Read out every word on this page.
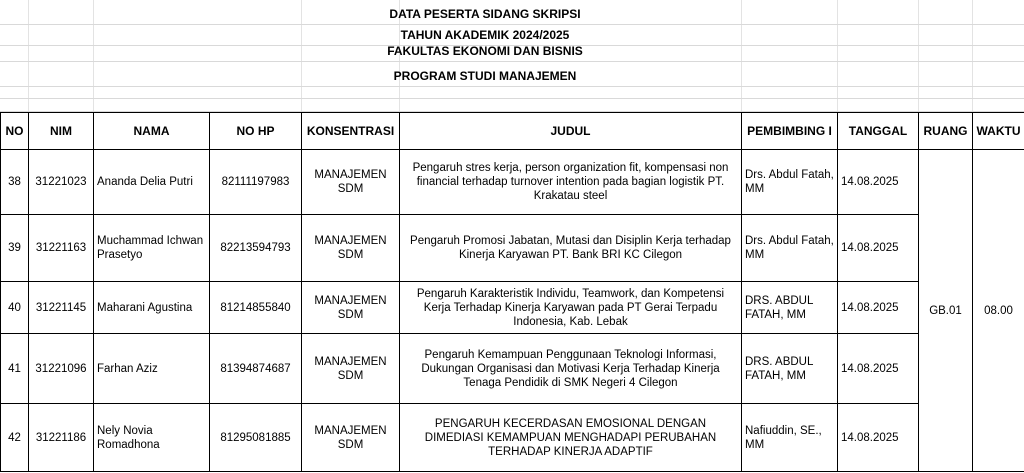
DATA PESERTA SIDANG SKRIPSI
TAHUN AKADEMIK 2024/2025
FAKULTAS EKONOMI DAN BISNIS
PROGRAM STUDI MANAJEMEN
NO	NIM	NAMA	NO HP	KONSENTRASI	JUDUL	PEMBIMBING I	TANGGAL	RUANG	WAKTU
38	31221023	Ananda Delia Putri	82111197983	MANAJEMEN SDM	Pengaruh stres kerja, person organization fit, kompensasi non financial terhadap turnover intention pada bagian logistik PT. Krakatau steel	Drs. Abdul Fatah, MM	14.08.2025	GB.01	08.00
39	31221163	Muchammad Ichwan Prasetyo	82213594793	MANAJEMEN SDM	Pengaruh Promosi Jabatan, Mutasi dan Disiplin Kerja terhadap Kinerja Karyawan PT. Bank BRI KC Cilegon	Drs. Abdul Fatah, MM	14.08.2025		
40	31221145	Maharani Agustina	81214855840	MANAJEMEN SDM	Pengaruh Karakteristik Individu, Teamwork, dan Kompetensi Kerja Terhadap Kinerja Karyawan pada PT Gerai Terpadu Indonesia, Kab. Lebak	DRS. ABDUL FATAH, MM	14.08.2025		
41	31221096	Farhan Aziz	81394874687	MANAJEMEN SDM	Pengaruh Kemampuan Penggunaan Teknologi Informasi, Dukungan Organisasi dan Motivasi Kerja Terhadap Kinerja Tenaga Pendidik di SMK Negeri 4 Cilegon	DRS. ABDUL FATAH, MM	14.08.2025		
42	31221186	Nely Novia Romadhona	81295081885	MANAJEMEN SDM	PENGARUH KECERDASAN EMOSIONAL DENGAN DIMEDIASI KEMAMPUAN MENGHADAPI PERUBAHAN TERHADAP KINERJA ADAPTIF	Nafiuddin, SE., MM	14.08.2025		
